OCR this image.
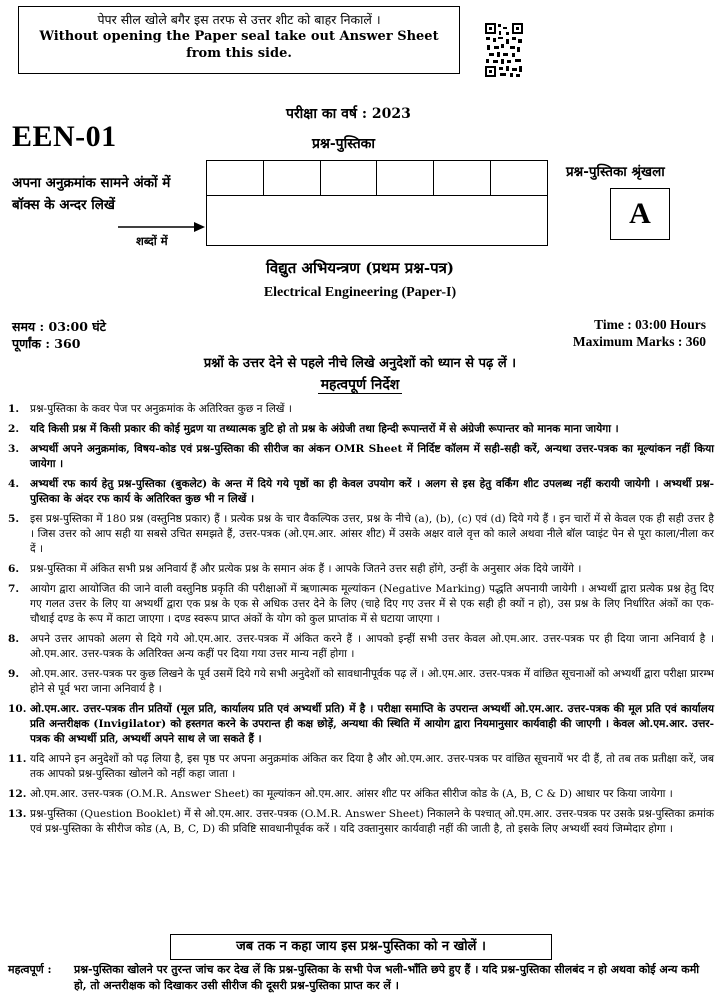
पेपर सील खोले बगैर इस तरफ से उत्तर शीट को बाहर निकालें ।
Without opening the Paper seal take out Answer Sheet
from this side.
परीक्षा का वर्ष : 2023
प्रश्न-पुस्तिका
EEN-01
अपना अनुक्रमांक सामने अंकों में
बॉक्स के अन्दर लिखें
शब्दों में
प्रश्न-पुस्तिका श्रृंखला
A
विद्युत अभियन्त्रण (प्रथम प्रश्न-पत्र)
Electrical Engineering (Paper-I)
समय : 03:00 घंटे
पूर्णांक : 360
Time : 03:00 Hours
Maximum Marks : 360
प्रश्नों के उत्तर देने से पहले नीचे लिखे अनुदेशों को ध्यान से पढ़ लें ।
महत्वपूर्ण निर्देश
1.	प्रश्न-पुस्तिका के कवर पेज पर अनुक्रमांक के अतिरिक्त कुछ न लिखें ।
2.	यदि किसी प्रश्न में किसी प्रकार की कोई मुद्रण या तथ्यात्मक त्रुटि हो तो प्रश्न के अंग्रेजी तथा हिन्दी रूपान्तरों में से अंग्रेजी रूपान्तर को मानक माना जायेगा ।
3.	अभ्यर्थी अपने अनुक्रमांक, विषय-कोड एवं प्रश्न-पुस्तिका की सीरीज का अंकन OMR Sheet में निर्दिष्ट कॉलम में सही-सही करें, अन्यथा उत्तर-पत्रक का मूल्यांकन नहीं किया जायेगा ।
4.	अभ्यर्थी रफ कार्य हेतु प्रश्न-पुस्तिका (बुकलेट) के अन्त में दिये गये पृष्ठों का ही केवल उपयोग करें । अलग से इस हेतु वर्किंग शीट उपलब्ध नहीं करायी जायेगी । अभ्यर्थी प्रश्न-पुस्तिका के अंदर रफ कार्य के अतिरिक्त कुछ भी न लिखें ।
5.	इस प्रश्न-पुस्तिका में 180 प्रश्न (वस्तुनिष्ठ प्रकार) हैं । प्रत्येक प्रश्न के चार वैकल्पिक उत्तर, प्रश्न के नीचे (a), (b), (c) एवं (d) दिये गये हैं । इन चारों में से केवल एक ही सही उत्तर है । जिस उत्तर को आप सही या सबसे उचित समझते हैं, उत्तर-पत्रक (ओ.एम.आर. आंसर शीट) में उसके अक्षर वाले वृत्त को काले अथवा नीले बॉल प्वाइंट पेन से पूरा काला/नीला कर दें ।
6.	प्रश्न-पुस्तिका में अंकित सभी प्रश्न अनिवार्य हैं और प्रत्येक प्रश्न के समान अंक हैं । आपके जितने उत्तर सही होंगे, उन्हीं के अनुसार अंक दिये जायेंगे ।
7.	आयोग द्वारा आयोजित की जाने वाली वस्तुनिष्ठ प्रकृति की परीक्षाओं में ऋणात्मक मूल्यांकन (Negative Marking) पद्धति अपनायी जायेगी । अभ्यर्थी द्वारा प्रत्येक प्रश्न हेतु दिए गए गलत उत्तर के लिए या अभ्यर्थी द्वारा एक प्रश्न के एक से अधिक उत्तर देने के लिए (चाहे दिए गए उत्तर में से एक सही ही क्यों न हो), उस प्रश्न के लिए निर्धारित अंकों का एक-चौथाई दण्ड के रूप में काटा जाएगा । दण्ड स्वरूप प्राप्त अंकों के योग को कुल प्राप्तांक में से घटाया जाएगा ।
8.	अपने उत्तर आपको अलग से दिये गये ओ.एम.आर. उत्तर-पत्रक में अंकित करने हैं । आपको इन्हीं सभी उत्तर केवल ओ.एम.आर. उत्तर-पत्रक पर ही दिया जाना अनिवार्य है । ओ.एम.आर. उत्तर-पत्रक के अतिरिक्त अन्य कहीं पर दिया गया उत्तर मान्य नहीं होगा ।
9.	ओ.एम.आर. उत्तर-पत्रक पर कुछ लिखने के पूर्व उसमें दिये गये सभी अनुदेशों को सावधानीपूर्वक पढ़ लें । ओ.एम.आर. उत्तर-पत्रक में वांछित सूचनाओं को अभ्यर्थी द्वारा परीक्षा प्रारम्भ होने से पूर्व भरा जाना अनिवार्य है ।
10. ओ.एम.आर. उत्तर-पत्रक तीन प्रतियों (मूल प्रति, कार्यालय प्रति एवं अभ्यर्थी प्रति) में है । परीक्षा समाप्ति के उपरान्त अभ्यर्थी ओ.एम.आर. उत्तर-पत्रक की मूल प्रति एवं कार्यालय प्रति अन्तरीक्षक (Invigilator) को हस्तगत करने के उपरान्त ही कक्ष छोड़ें, अन्यथा की स्थिति में आयोग द्वारा नियमानुसार कार्यवाही की जाएगी । केवल ओ.एम.आर. उत्तर-पत्रक की अभ्यर्थी प्रति, अभ्यर्थी अपने साथ ले जा सकते हैं ।
11. यदि आपने इन अनुदेशों को पढ़ लिया है, इस पृष्ठ पर अपना अनुक्रमांक अंकित कर दिया है और ओ.एम.आर. उत्तर-पत्रक पर वांछित सूचनायें भर दी हैं, तो तब तक प्रतीक्षा करें, जब तक आपको प्रश्न-पुस्तिका खोलने को नहीं कहा जाता ।
12. ओ.एम.आर. उत्तर-पत्रक (O.M.R. Answer Sheet) का मूल्यांकन ओ.एम.आर. आंसर शीट पर अंकित सीरीज कोड के (A, B, C & D) आधार पर किया जायेगा ।
13. प्रश्न-पुस्तिका (Question Booklet) में से ओ.एम.आर. उत्तर-पत्रक (O.M.R. Answer Sheet) निकालने के पश्चात् ओ.एम.आर. उत्तर-पत्रक पर उसके प्रश्न-पुस्तिका क्रमांक एवं प्रश्न-पुस्तिका के सीरीज कोड (A, B, C, D) की प्रविष्टि सावधानीपूर्वक करें । यदि उक्तानुसार कार्यवाही नहीं की जाती है, तो इसके लिए अभ्यर्थी स्वयं जिम्मेदार होगा ।
जब तक न कहा जाय इस प्रश्न-पुस्तिका को न खोलें ।
महत्वपूर्ण : प्रश्न-पुस्तिका खोलने पर तुरन्त जांच कर देख लें कि प्रश्न-पुस्तिका के सभी पेज भली-भाँति छपे हुए हैं । यदि प्रश्न-पुस्तिका सीलबंद न हो अथवा कोई अन्य कमी हो, तो अन्तरीक्षक को दिखाकर उसी सीरीज की दूसरी प्रश्न-पुस्तिका प्राप्त कर लें ।
